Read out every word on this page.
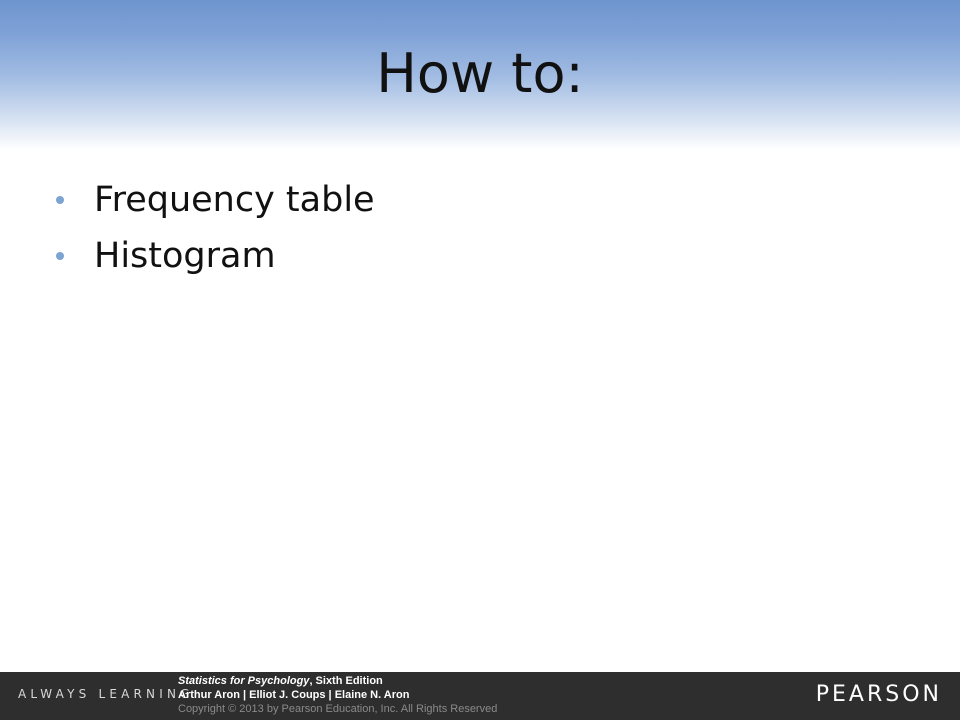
How to:
Frequency table
Histogram
ALWAYS LEARNING
Statistics for Psychology, Sixth Edition
Arthur Aron | Elliot J. Coups | Elaine N. Aron
Copyright © 2013 by Pearson Education, Inc. All Rights Reserved
PEARSON
